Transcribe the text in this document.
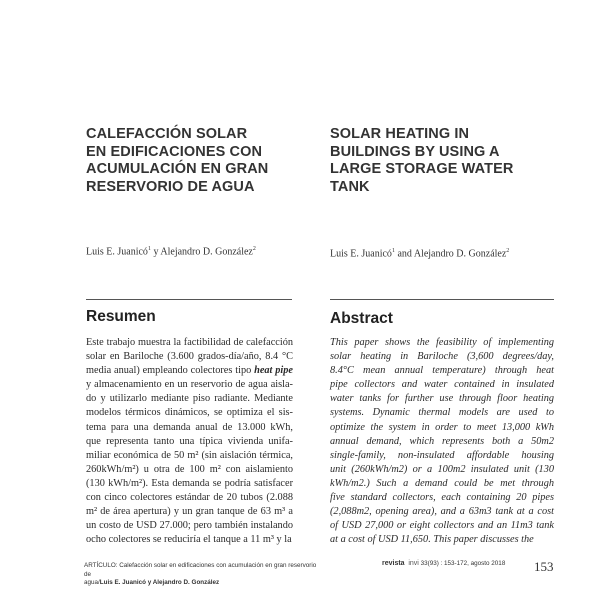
CALEFACCIÓN SOLAR
EN EDIFICACIONES CON
ACUMULACIÓN EN GRAN
RESERVORIO DE AGUA
Luis E. Juanicó$^1$ y Alejandro D. González$^2$
Resumen
Este trabajo muestra la factibilidad de calefacción
solar en Bariloche (3.600 grados-día/año, 8.4 °C
media anual) empleando colectores tipo heat pipe
y almacenamiento en un reservorio de agua aisla-
do y utilizarlo mediante piso radiante. Mediante
modelos térmicos dinámicos, se optimiza el sis-
tema para una demanda anual de 13.000 kWh,
que representa tanto una típica vivienda unifa-
miliar económica de 50 m² (sin aislación térmica,
260kWh/m²) u otra de 100 m² con aislamiento
(130 kWh/m²). Esta demanda se podría satisfacer
con cinco colectores estándar de 20 tubos (2.088
m² de área apertura) y un gran tanque de 63 m³ a
un costo de USD 27.000; pero también instalando
ocho colectores se reduciría el tanque a 11 m³ y la
SOLAR HEATING IN
BUILDINGS BY USING A
LARGE STORAGE WATER
TANK
Luis E. Juanicó$^1$ and Alejandro D. González$^2$
Abstract
This paper shows the feasibility of implementing
solar heating in Bariloche (3,600 degrees/day,
8.4°C mean annual temperature) through heat
pipe collectors and water contained in insulated
water tanks for further use through floor heating
systems. Dynamic thermal models are used to
optimize the system in order to meet 13,000 kWh
annual demand, which represents both a 50m2
single-family, non-insulated affordable housing
unit (260kWh/m2) or a 100m2 insulated unit (130
kWh/m2.) Such a demand could be met through
five standard collectors, each containing 20 pipes
(2,088m2, opening area), and a 63m3 tank at a cost
of USD 27,000 or eight collectors and an 11m3 tank
at a cost of USD 11,650. This paper discusses the
ARTÍCULO: Calefacción solar en edificaciones con acumulación en gran reservorio de
agua/Luis E. Juanicó y Alejandro D. González
revista invi 33(93) : 153-172, agosto 2018	153
